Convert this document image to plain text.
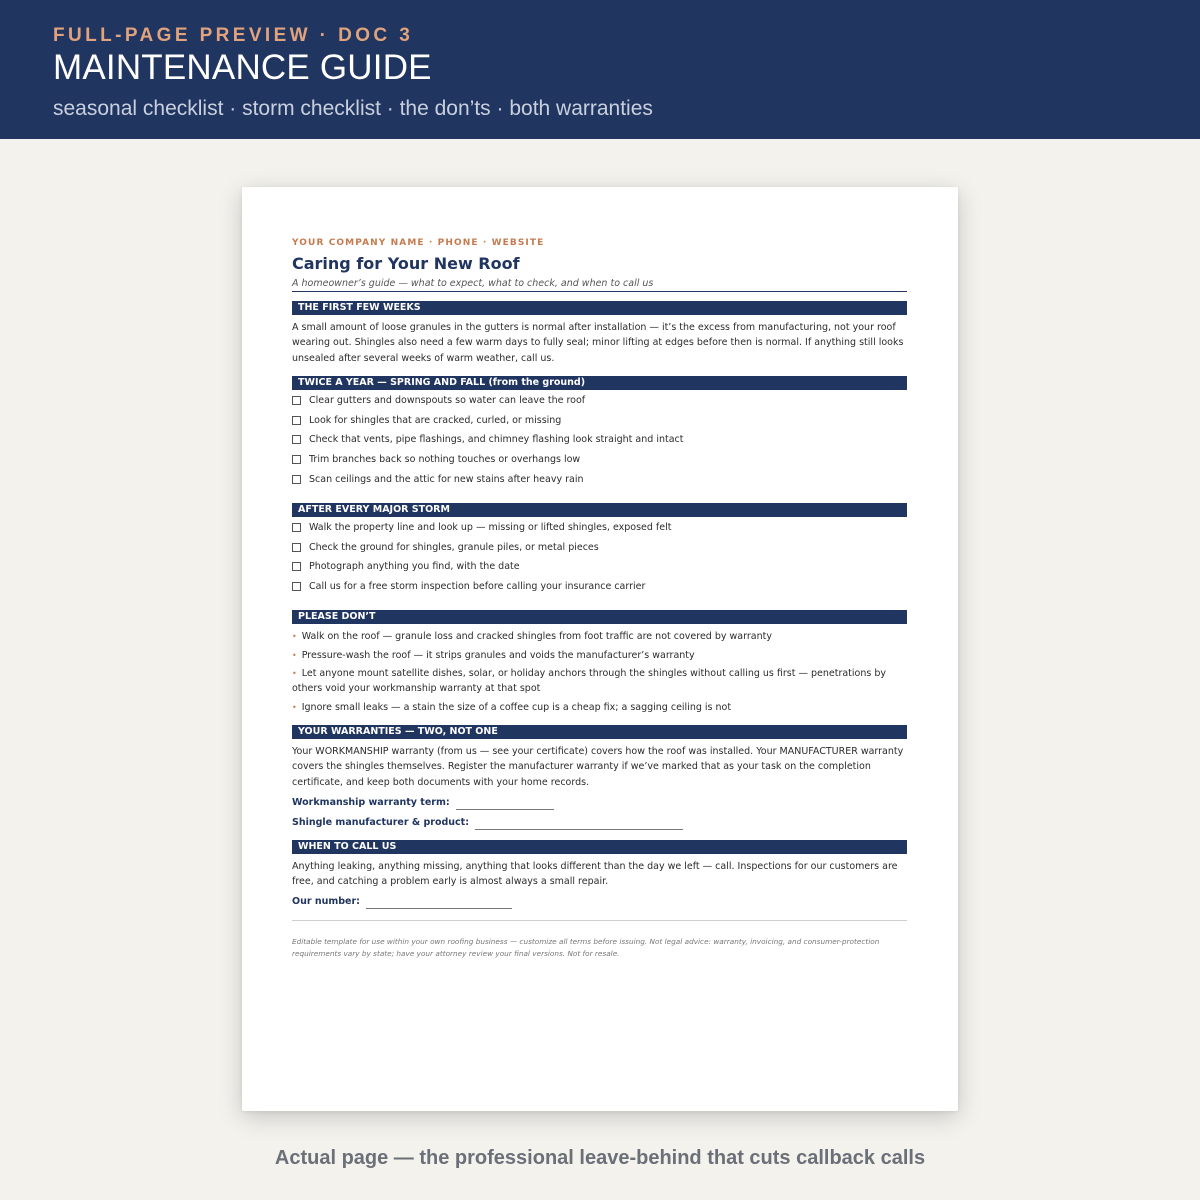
FULL-PAGE PREVIEW · DOC 3
MAINTENANCE GUIDE
seasonal checklist · storm checklist · the don’ts · both warranties
YOUR COMPANY NAME · PHONE · WEBSITE
Caring for Your New Roof
A homeowner’s guide — what to expect, what to check, and when to call us
THE FIRST FEW WEEKS

A small amount of loose granules in the gutters is normal after installation — it’s the excess from manufacturing, not your roof wearing out. Shingles also need a few warm days to fully seal; minor lifting at edges before then is normal. If anything still looks unsealed after several weeks of warm weather, call us.

TWICE A YEAR — SPRING AND FALL (from the ground)
Clear gutters and downspouts so water can leave the roof
Look for shingles that are cracked, curled, or missing
Check that vents, pipe flashings, and chimney flashing look straight and intact
Trim branches back so nothing touches or overhangs low
Scan ceilings and the attic for new stains after heavy rain
AFTER EVERY MAJOR STORM
Walk the property line and look up — missing or lifted shingles, exposed felt
Check the ground for shingles, granule piles, or metal pieces
Photograph anything you find, with the date
Call us for a free storm inspection before calling your insurance carrier
PLEASE DON’T
• Walk on the roof — granule loss and cracked shingles from foot traffic are not covered by warranty
• Pressure-wash the roof — it strips granules and voids the manufacturer’s warranty
• Let anyone mount satellite dishes, solar, or holiday anchors through the shingles without calling us first — penetrations by others void your workmanship warranty at that spot
• Ignore small leaks — a stain the size of a coffee cup is a cheap fix; a sagging ceiling is not
YOUR WARRANTIES — TWO, NOT ONE

Your WORKMANSHIP warranty (from us — see your certificate) covers how the roof was installed. Your MANUFACTURER warranty covers the shingles themselves. Register the manufacturer warranty if we’ve marked that as your task on the completion certificate, and keep both documents with your home records.

Workmanship warranty term:
Shingle manufacturer & product:
WHEN TO CALL US

Anything leaking, anything missing, anything that looks different than the day we left — call. Inspections for our customers are free, and catching a problem early is almost always a small repair.

Our number:

Editable template for use within your own roofing business — customize all terms before issuing. Not legal advice: warranty, invoicing, and consumer-protection requirements vary by state; have your attorney review your final versions. Not for resale.

Actual page — the professional leave-behind that cuts callback calls
